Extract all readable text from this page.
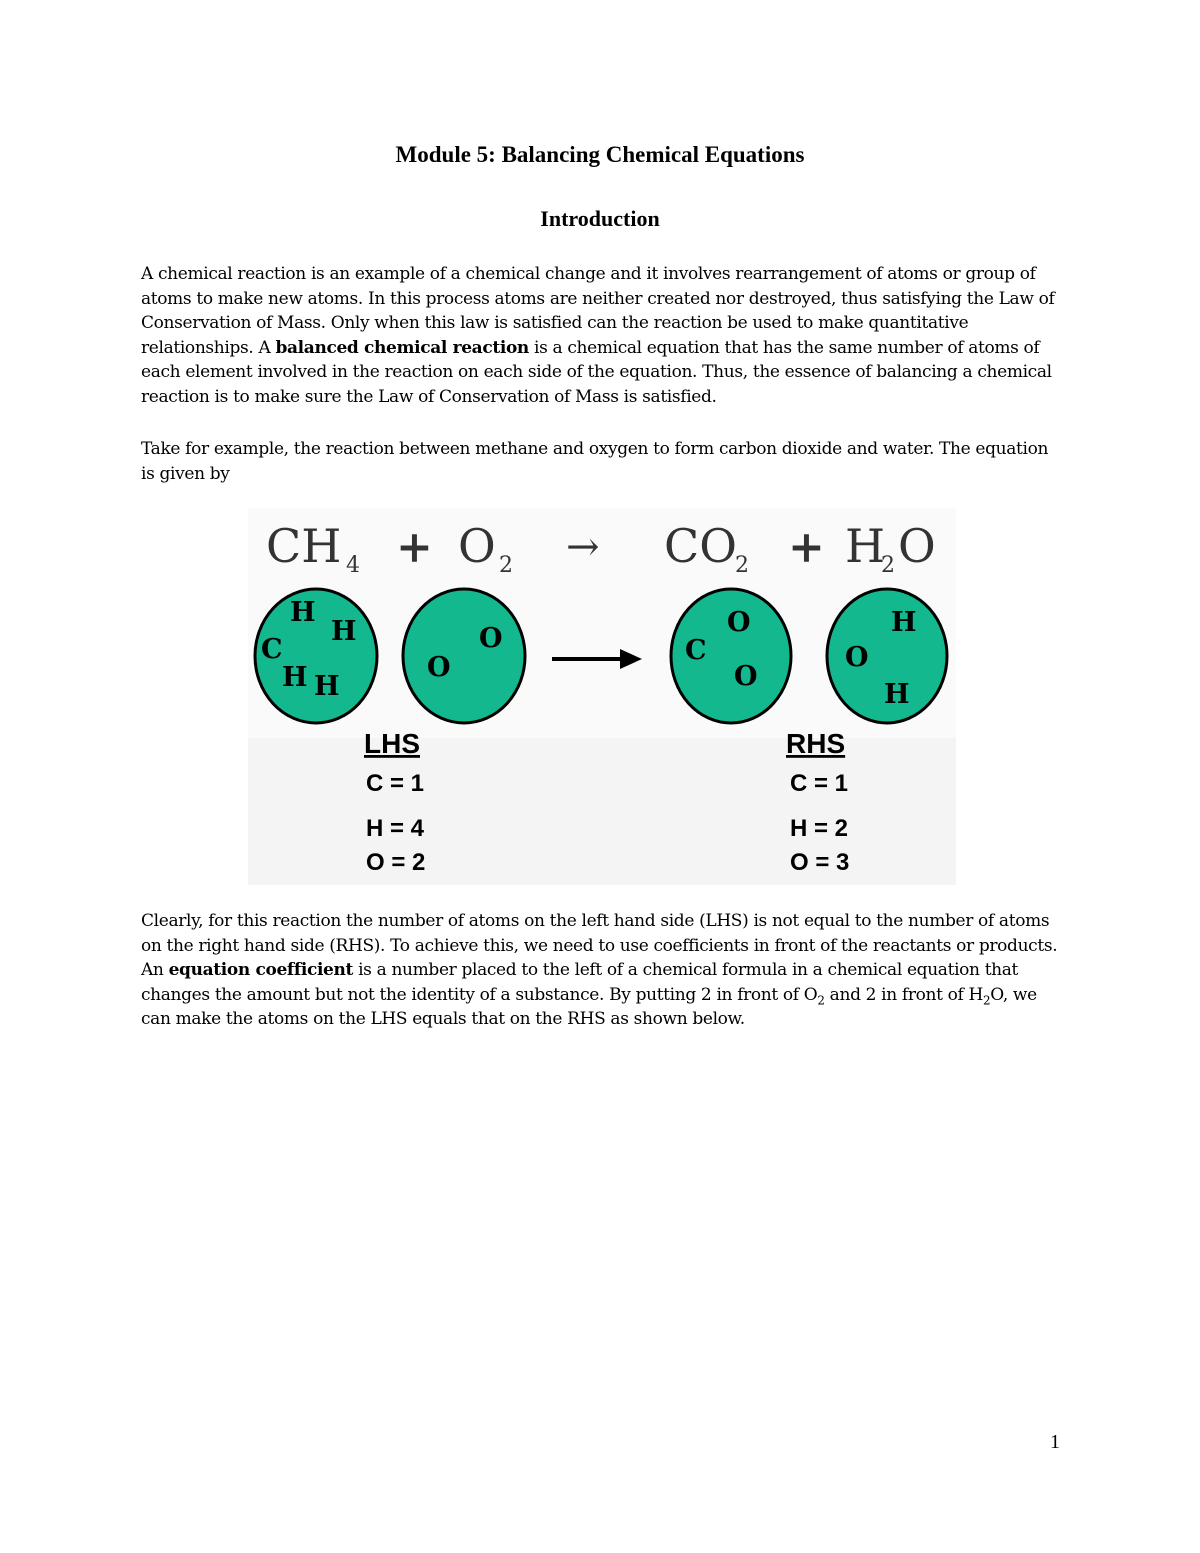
Module 5: Balancing Chemical Equations
Introduction

A chemical reaction is an example of a chemical change and it involves rearrangement of atoms or group of atoms to make new atoms. In this process atoms are neither created nor destroyed, thus satisfying the Law of Conservation of Mass. Only when this law is satisfied can the reaction be used to make quantitative relationships. A balanced chemical reaction is a chemical equation that has the same number of atoms of each element involved in the reaction on each side of the equation. Thus, the essence of balancing a chemical reaction is to make sure the Law of Conservation of Mass is satisfied.

Take for example, the reaction between methane and oxygen to form carbon dioxide and water. The equation is given by

CH 4 + O 2 → CO
2 + H
2 O
H
H
C
H H
O
O
O
C
O
H
O
H
LHS
C = 1
H = 4
O = 2
RHS
C = 1
H = 2
O = 3

Clearly, for this reaction the number of atoms on the left hand side (LHS) is not equal to the number of atoms on the right hand side (RHS). To achieve this, we need to use coefficients in front of the reactants or products. An equation coefficient is a number placed to the left of a chemical formula in a chemical equation that changes the amount but not the identity of a substance. By putting 2 in front of $O_2$ and 2 in front of $H_2O$, we can make the atoms on the LHS equals that on the RHS as shown below.

1
